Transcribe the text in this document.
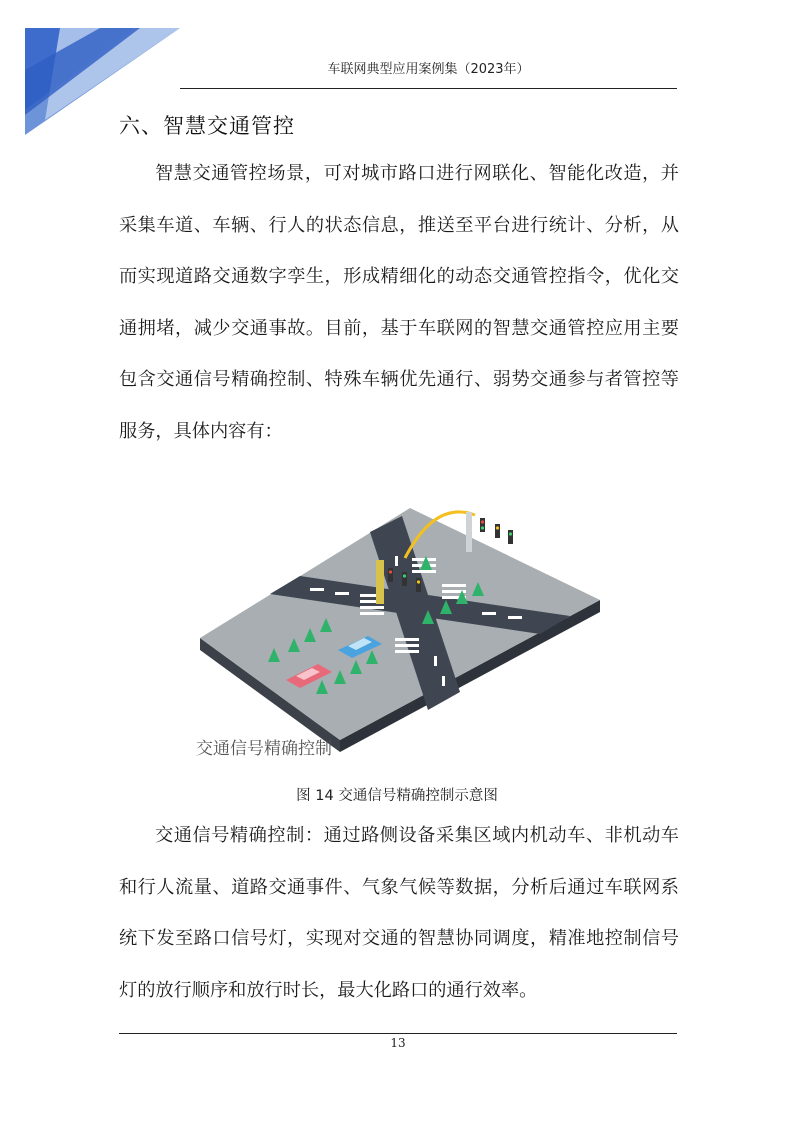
车联网典型应用案例集（2023年）
六、智慧交通管控

智慧交通管控场景，可对城市路口进行网联化、智能化改造，并采集车道、车辆、行人的状态信息，推送至平台进行统计、分析，从而实现道路交通数字孪生，形成精细化的动态交通管控指令，优化交通拥堵，减少交通事故。目前，基于车联网的智慧交通管控应用主要包含交通信号精确控制、特殊车辆优先通行、弱势交通参与者管控等服务，具体内容有：

交通信号精确控制
图 14 交通信号精确控制示意图

交通信号精确控制：通过路侧设备采集区域内机动车、非机动车和行人流量、道路交通事件、气象气候等数据，分析后通过车联网系统下发至路口信号灯，实现对交通的智慧协同调度，精准地控制信号灯的放行顺序和放行时长，最大化路口的通行效率。

13
